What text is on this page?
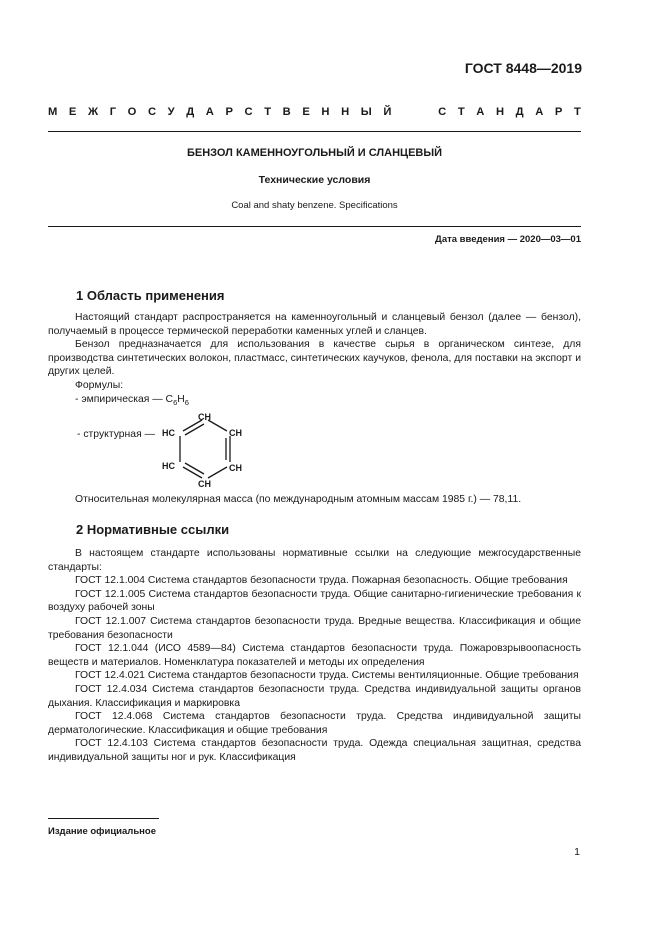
ГОСТ 8448—2019
М Е Ж Г О С У Д А Р С Т В Е Н Н Ы Й	С Т А Н Д А Р Т
БЕНЗОЛ КАМЕННОУГОЛЬНЫЙ И СЛАНЦЕВЫЙ
Технические условия
Coal and shaty benzene. Specifications
Дата введения — 2020—03—01
1 Область применения

Настоящий стандарт распространяется на каменноугольный и сланцевый бензол (далее — бензол), получаемый в процессе термической переработки каменных углей и сланцев.

Бензол предназначается для использования в качестве сырья в органическом синтезе, для производства синтетических волокон, пластмасс, синтетических каучуков, фенола, для поставки на экспорт и других целей.

Формулы:
- эмпирическая — $C_6H_6$
- структурная —
CH
HC	CH
HC	CH
CH

Относительная молекулярная масса (по международным атомным массам 1985 г.) — 78,11.

2 Нормативные ссылки

В настоящем стандарте использованы нормативные ссылки на следующие межгосударственные стандарты:

ГОСТ 12.1.004 Система стандартов безопасности труда. Пожарная безопасность. Общие требования

ГОСТ 12.1.005 Система стандартов безопасности труда. Общие санитарно-гигиенические требования к воздуху рабочей зоны

ГОСТ 12.1.007 Система стандартов безопасности труда. Вредные вещества. Классификация и общие требования безопасности

ГОСТ 12.1.044 (ИСО 4589—84) Система стандартов безопасности труда. Пожаровзрывоопасность веществ и материалов. Номенклатура показателей и методы их определения

ГОСТ 12.4.021 Система стандартов безопасности труда. Системы вентиляционные. Общие требования

ГОСТ 12.4.034 Система стандартов безопасности труда. Средства индивидуальной защиты органов дыхания. Классификация и маркировка

ГОСТ 12.4.068 Система стандартов безопасности труда. Средства индивидуальной защиты дерматологические. Классификация и общие требования

ГОСТ 12.4.103 Система стандартов безопасности труда. Одежда специальная защитная, средства индивидуальной защиты ног и рук. Классификация

Издание официальное
1
